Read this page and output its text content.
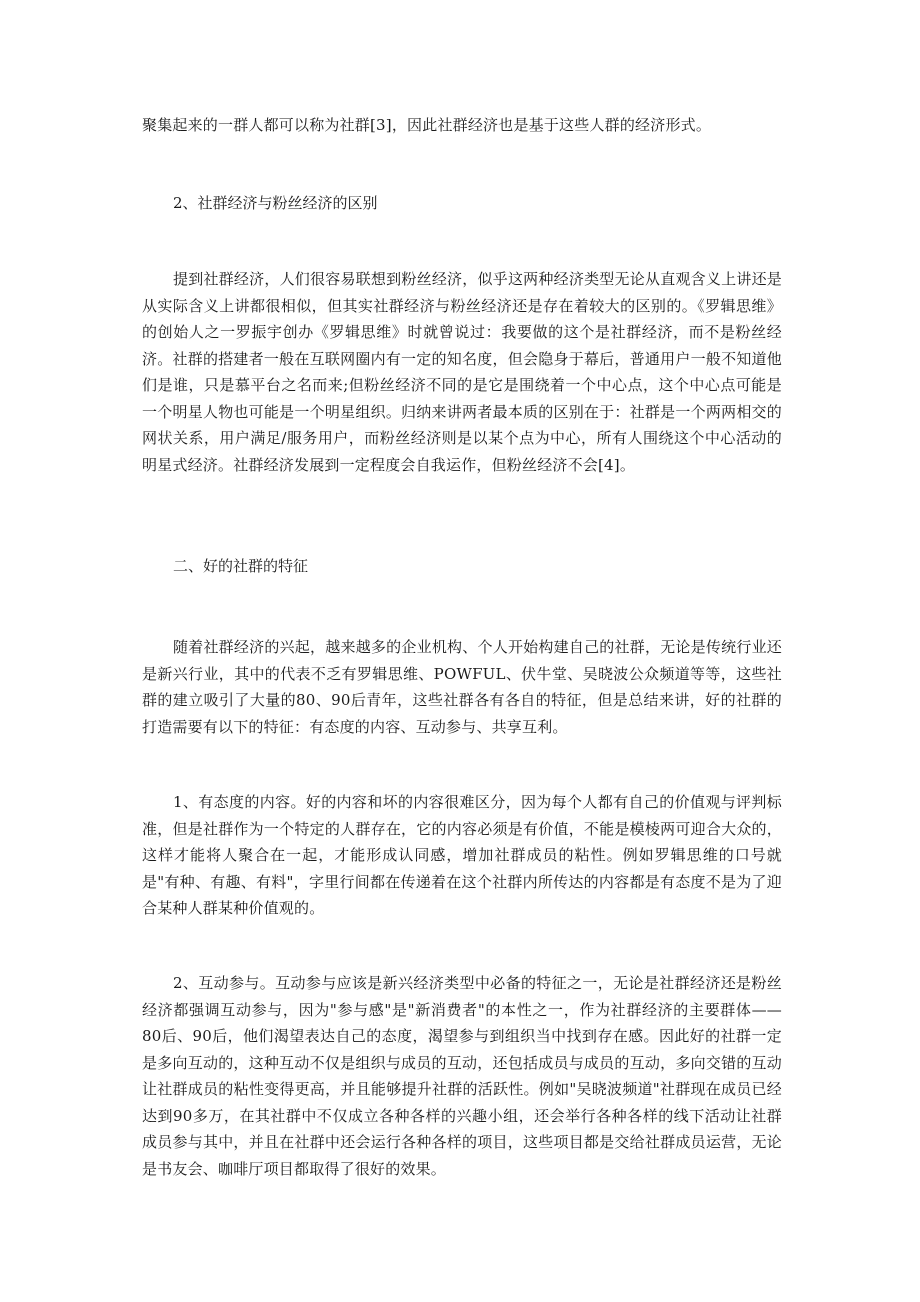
聚集起来的一群人都可以称为社群[3]，因此社群经济也是基于这些人群的经济形式。

2、社群经济与粉丝经济的区别

提到社群经济，人们很容易联想到粉丝经济，似乎这两种经济类型无论从直观含义上讲还是从实际含义上讲都很相似，但其实社群经济与粉丝经济还是存在着较大的区别的。《罗辑思维》的创始人之一罗振宇创办《罗辑思维》时就曾说过：我要做的这个是社群经济，而不是粉丝经济。社群的搭建者一般在互联网圈内有一定的知名度，但会隐身于幕后，普通用户一般不知道他们是谁，只是慕平台之名而来;但粉丝经济不同的是它是围绕着一个中心点，这个中心点可能是一个明星人物也可能是一个明星组织。归纳来讲两者最本质的区别在于：社群是一个两两相交的网状关系，用户满足/服务用户，而粉丝经济则是以某个点为中心，所有人围绕这个中心活动的明星式经济。社群经济发展到一定程度会自我运作，但粉丝经济不会[4]。

二、好的社群的特征

随着社群经济的兴起，越来越多的企业机构、个人开始构建自己的社群，无论是传统行业还是新兴行业，其中的代表不乏有罗辑思维、POWFUL、伏牛堂、吴晓波公众频道等等，这些社群的建立吸引了大量的80、90后青年，这些社群各有各自的特征，但是总结来讲，好的社群的打造需要有以下的特征：有态度的内容、互动参与、共享互利。

1、有态度的内容。好的内容和坏的内容很难区分，因为每个人都有自己的价值观与评判标准，但是社群作为一个特定的人群存在，它的内容必须是有价值，不能是模棱两可迎合大众的，这样才能将人聚合在一起，才能形成认同感，增加社群成员的粘性。例如罗辑思维的口号就是"有种、有趣、有料"，字里行间都在传递着在这个社群内所传达的内容都是有态度不是为了迎合某种人群某种价值观的。

2、互动参与。互动参与应该是新兴经济类型中必备的特征之一，无论是社群经济还是粉丝经济都强调互动参与，因为"参与感"是"新消费者"的本性之一，作为社群经济的主要群体——80后、90后，他们渴望表达自己的态度，渴望参与到组织当中找到存在感。因此好的社群一定是多向互动的，这种互动不仅是组织与成员的互动，还包括成员与成员的互动，多向交错的互动让社群成员的粘性变得更高，并且能够提升社群的活跃性。例如"吴晓波频道"社群现在成员已经达到90多万，在其社群中不仅成立各种各样的兴趣小组，还会举行各种各样的线下活动让社群成员参与其中，并且在社群中还会运行各种各样的项目，这些项目都是交给社群成员运营，无论是书友会、咖啡厅项目都取得了很好的效果。
